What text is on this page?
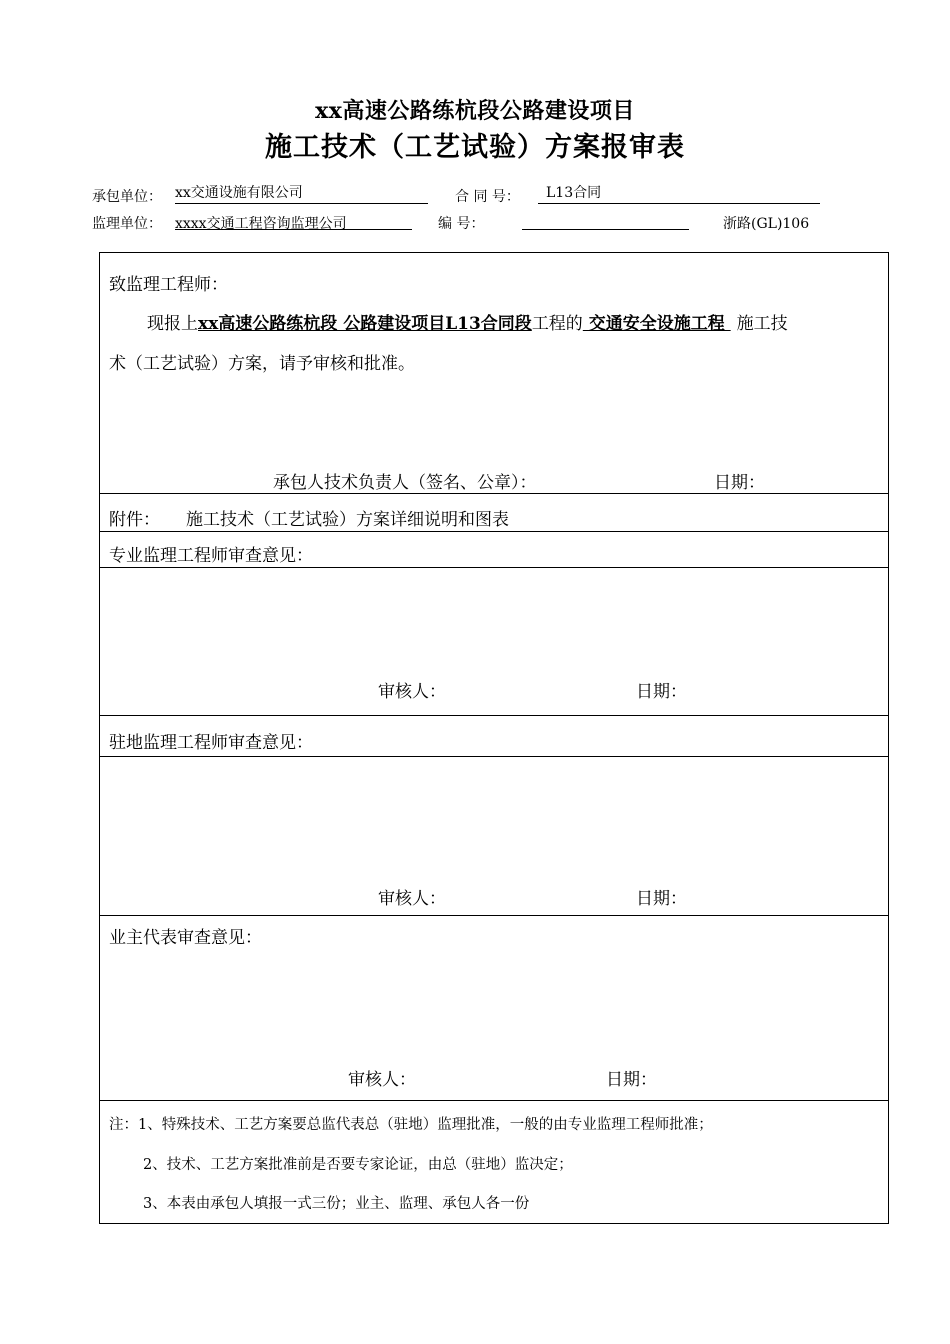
xx高速公路练杭段公路建设项目
施工技术（工艺试验）方案报审表
承包单位： xx交通设施有限公司	合 同 号： L13合同
监理单位： xxxx交通工程咨询监理公司	编 号：	浙路(GL)106
致监理工程师：
现报上xx高速公路练杭段 公路建设项目L13合同段工程的 交通安全设施工程 施工技
术（工艺试验）方案，请予审核和批准。
承包人技术负责人（签名、公章）：	日期：
附件： 施工技术（工艺试验）方案详细说明和图表
专业监理工程师审查意见：
审核人：	日期：
驻地监理工程师审查意见：
审核人：	日期：
业主代表审查意见：
审核人：	日期：
注：1、特殊技术、工艺方案要总监代表总（驻地）监理批准，一般的由专业监理工程师批准；
2、技术、工艺方案批准前是否要专家论证，由总（驻地）监决定；
3、本表由承包人填报一式三份；业主、监理、承包人各一份
